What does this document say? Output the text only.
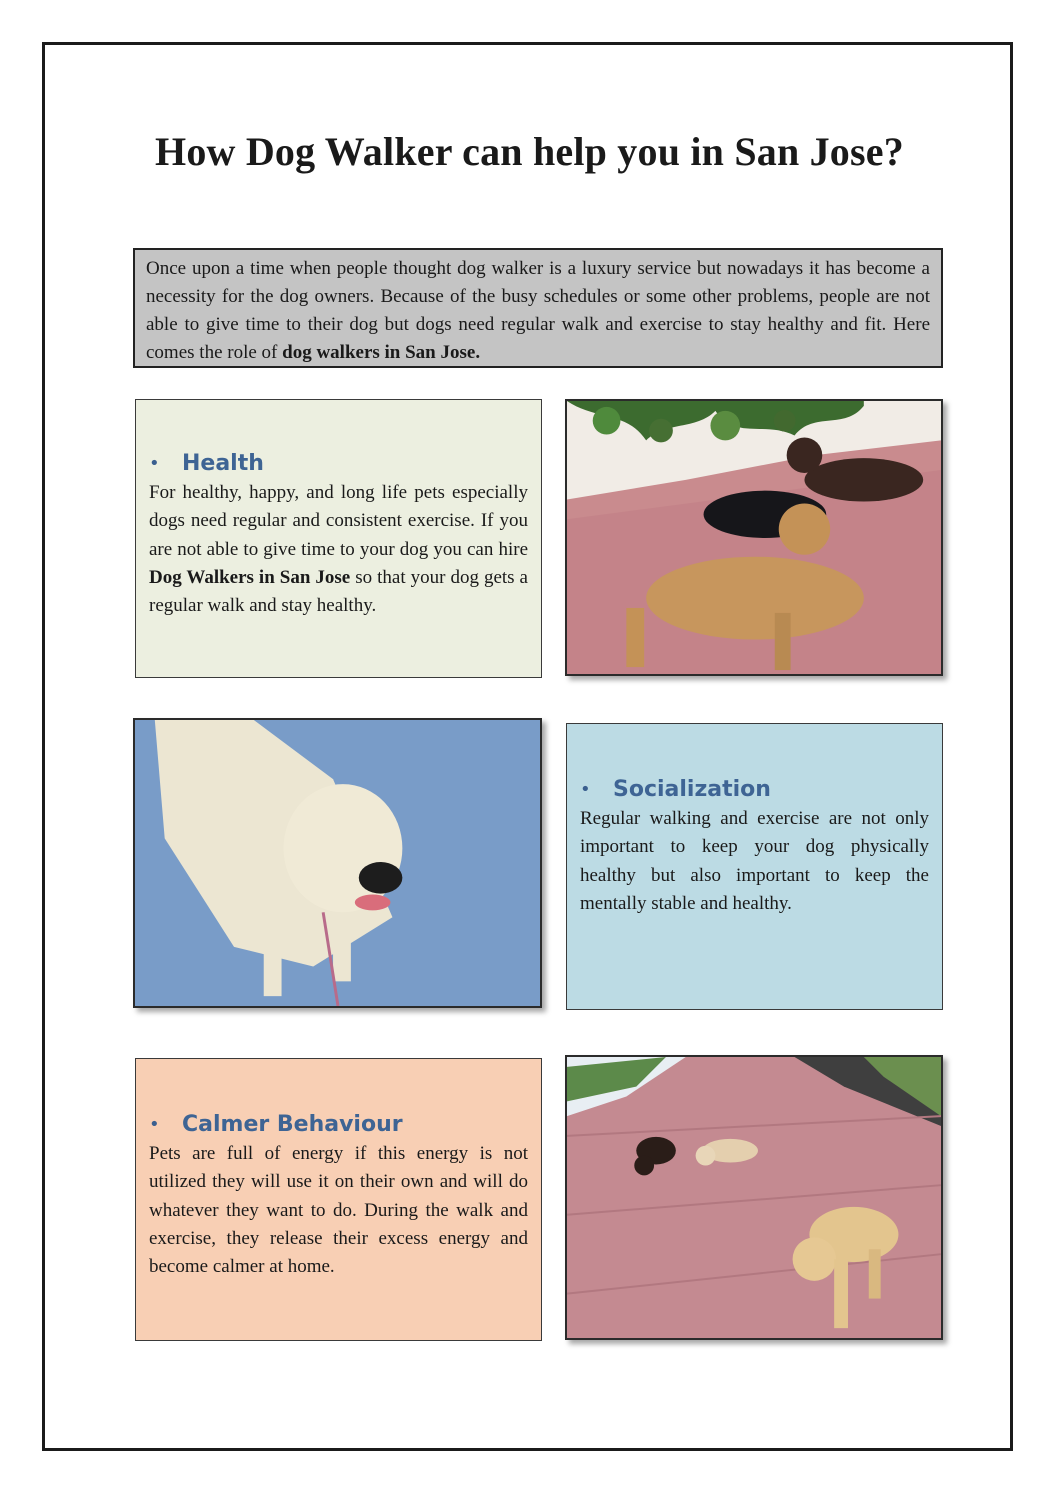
How Dog Walker can help you in San Jose?
Once upon a time when people thought dog walker is a luxury service but nowadays it has become a necessity for the dog owners. Because of the busy schedules or some other problems, people are not able to give time to their dog but dogs need regular walk and exercise to stay healthy and fit. Here comes the role of dog walkers in San Jose.
•	Health
For healthy, happy, and long life pets especially dogs need regular and consistent exercise. If you are not able to give time to your dog you can hire Dog Walkers in San Jose so that your dog gets a regular walk and stay healthy.
•	Socialization
Regular walking and exercise are not only important to keep your dog physically healthy but also important to keep the mentally stable and healthy.
•	Calmer Behaviour
Pets are full of energy if this energy is not utilized they will use it on their own and will do whatever they want to do. During the walk and exercise, they release their excess energy and become calmer at home.
